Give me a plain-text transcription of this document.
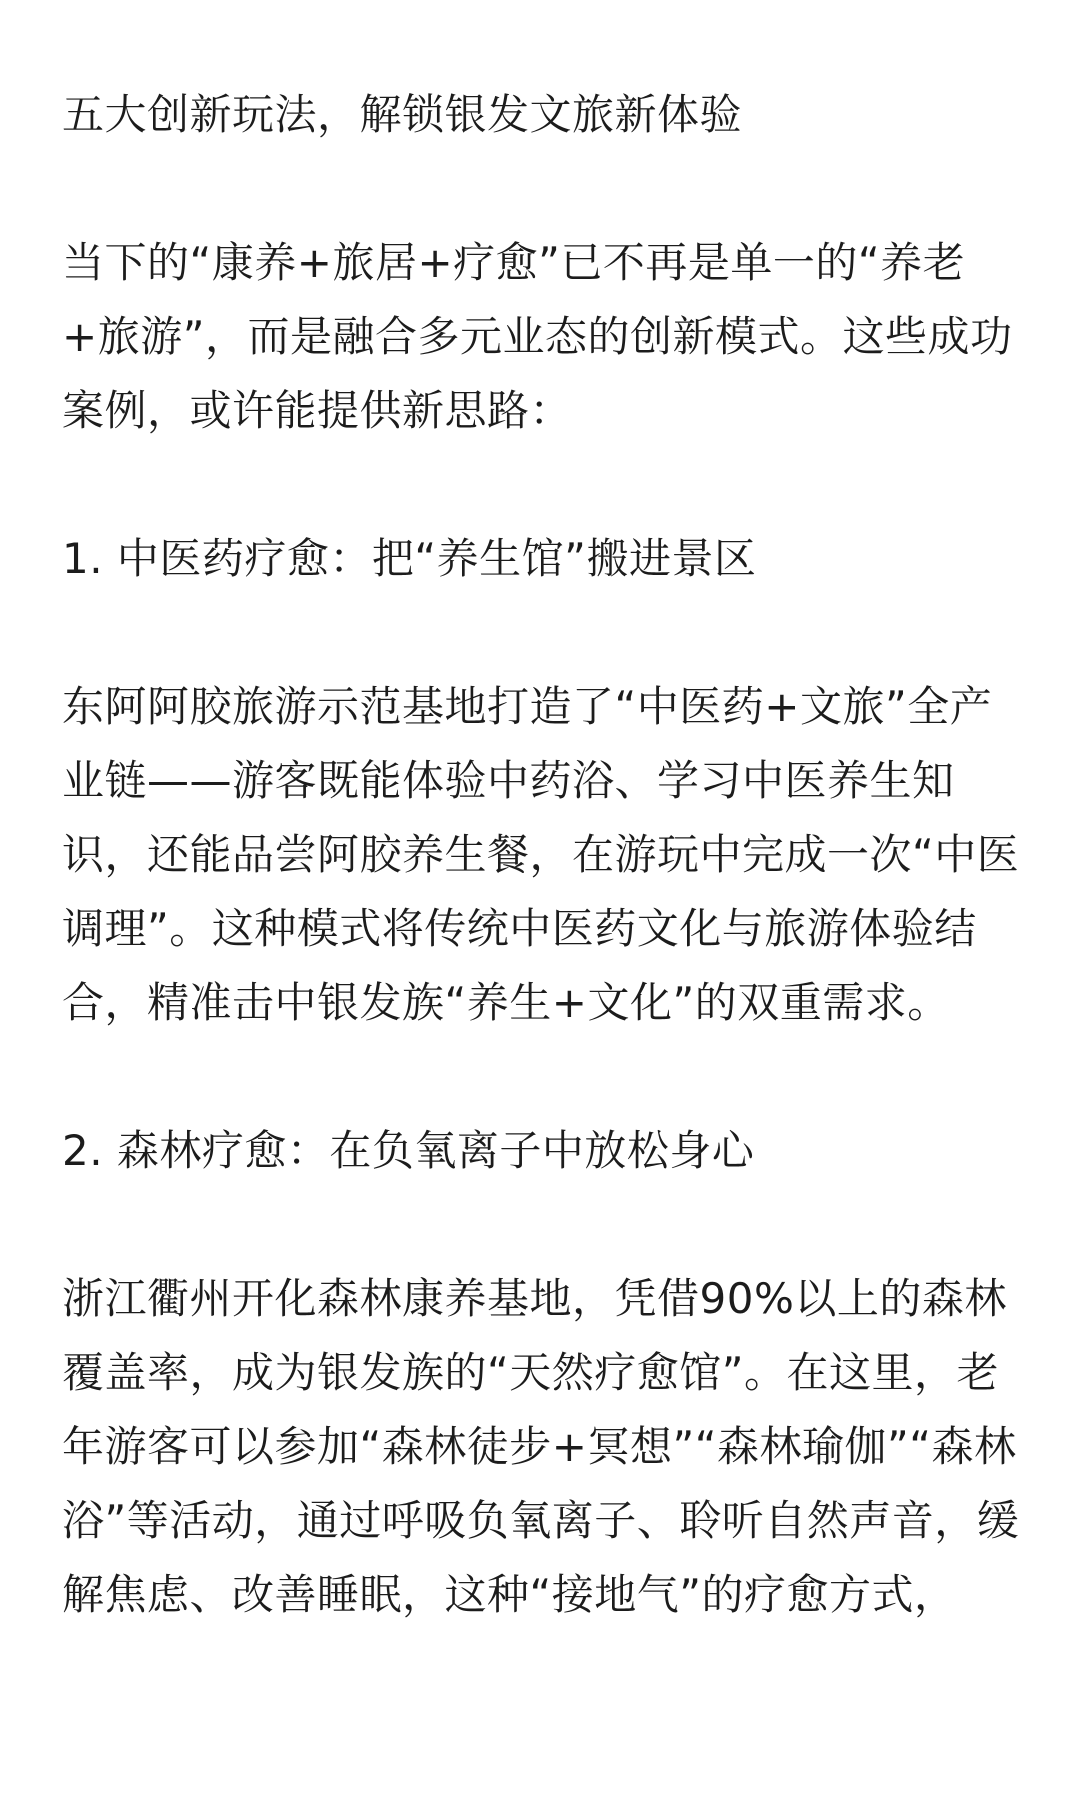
五大创新玩法，解锁银发文旅新体验

当下的“康养+旅居+疗愈”已不再是单一的“养老+旅游”，而是融合多元业态的创新模式。这些成功案例，或许能提供新思路：

1. 中医药疗愈：把“养生馆”搬进景区

东阿阿胶旅游示范基地打造了“中医药+文旅”全产业链——游客既能体验中药浴、学习中医养生知识，还能品尝阿胶养生餐，在游玩中完成一次“中医调理”。这种模式将传统中医药文化与旅游体验结合，精准击中银发族“养生+文化”的双重需求。

2. 森林疗愈：在负氧离子中放松身心

浙江衢州开化森林康养基地，凭借90%以上的森林覆盖率，成为银发族的“天然疗愈馆”。在这里，老年游客可以参加“森林徒步+冥想”“森林瑜伽”“森林浴”等活动，通过呼吸负氧离子、聆听自然声音，缓解焦虑、改善睡眠，这种“接地气”的疗愈方式，
